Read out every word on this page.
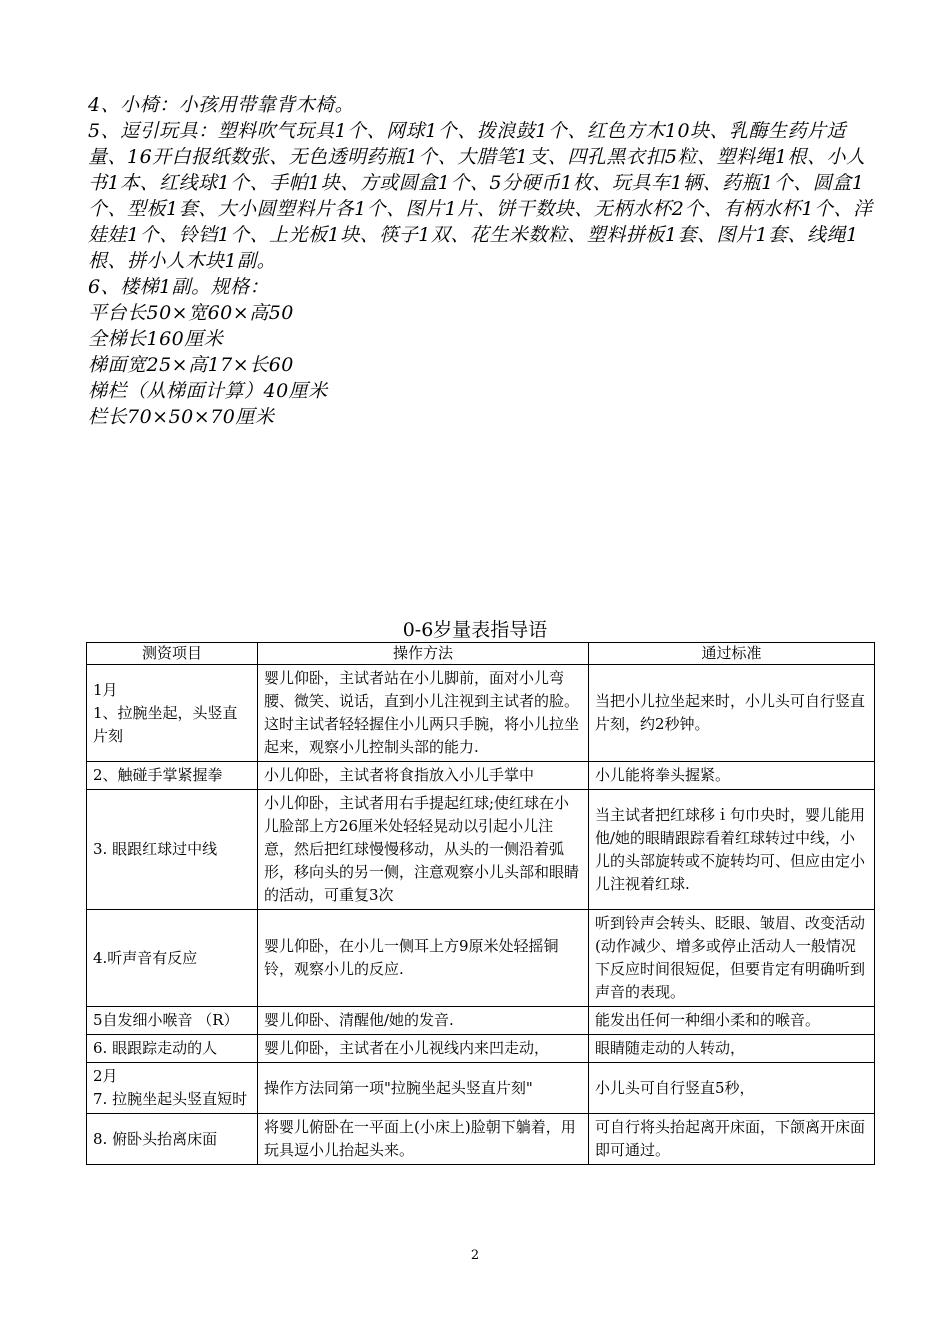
4、小椅：小孩用带靠背木椅。

5、逗引玩具：塑料吹气玩具1个、网球1个、拨浪鼓1个、红色方木10块、乳酶生药片适量、16开白报纸数张、无色透明药瓶1个、大腊笔1支、四孔黑衣扣5粒、塑料绳1根、小人书1本、红线球1个、手帕1块、方或圆盒1个、5分硬币1枚、玩具车1辆、药瓶1个、圆盒1个、型板1套、大小圆塑料片各1个、图片1片、饼干数块、无柄水杯2个、有柄水杯1个、洋娃娃1个、铃铛1个、上光板1块、筷子1双、花生米数粒、塑料拼板1套、图片1套、线绳1根、拼小人木块1副。

6、楼梯1副。规格：

平台长50×宽60×高50

全梯长160厘米

梯面宽25×高17×长60

梯栏（从梯面计算）40厘米

栏长70×50×70厘米

0-6岁量表指导语
测资项目	操作方法	通过标准
1月
1、拉腕坐起，头竖直片刻	婴儿仰卧，主试者站在小儿脚前，面对小儿弯腰、微笑、说话，直到小儿注视到主试者的脸。这时主试者轻轻握住小儿两只手腕，将小儿拉坐起来，观察小儿控制头部的能力.	当把小儿拉坐起来时，小儿头可自行竖直片刻，约2秒钟。
2、触碰手掌紧握拳	小儿仰卧，主试者将食指放入小儿手掌中	小儿能将拳头握紧。
3. 眼跟红球过中线	小儿仰卧，主试者用右手提起红球;使红球在小儿脸部上方26厘米处轻轻晃动以引起小儿注意，然后把红球慢慢移动，从头的一侧沿着弧形，移向头的另一侧，注意观察小儿头部和眼睛的活动，可重复3次	当主试者把红球移ｉ句巾央时，婴儿能用他/她的眼睛跟踪看着红球转过中线，小儿的头部旋转或不旋转均可、但应由定小儿注视着红球.
4.听声音有反应	婴儿仰卧，在小儿一侧耳上方9原米处轻摇铜铃，观察小儿的反应.	听到铃声会转头、眨眼、皱眉、改变活动(动作减少、增多或停止活动人一般情况下反应时间很短促，但要肯定有明确听到声音的表现。
5自发细小喉音 （R）	婴儿仰卧、清醒他/她的发音.	能发出任何一种细小柔和的喉音。
6. 眼跟踪走动的人	婴儿仰卧，主试者在小儿视线内来凹走动，	眼睛随走动的人转动，
2月
7. 拉腕坐起头竖直短时	操作方法同第一项"拉腕坐起头竖直片刻"	小儿头可自行竖直5秒，
8. 俯卧头抬离床面	将婴儿俯卧在一平面上(小床上)脸朝下躺着，用玩具逗小儿抬起头来。	可自行将头抬起离开床面，下颌离开床面即可通过。
2
